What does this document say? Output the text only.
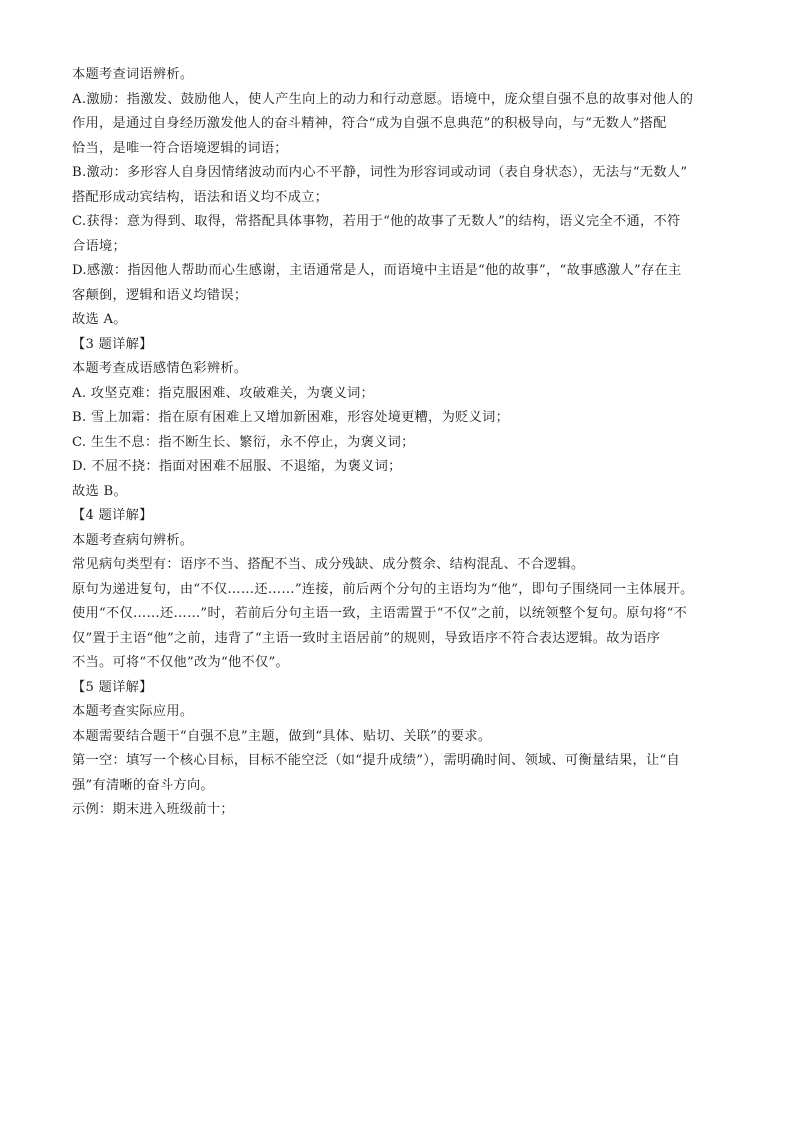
本题考查词语辨析。
A.激励：指激发、鼓励他人，使人产生向上的动力和行动意愿。语境中，庞众望自强不息的故事对他人的
作用，是通过自身经历激发他人的奋斗精神，符合“成为自强不息典范”的积极导向，与“无数人”搭配
恰当，是唯一符合语境逻辑的词语；
B.激动：多形容人自身因情绪波动而内心不平静，词性为形容词或动词（表自身状态），无法与“无数人”
搭配形成动宾结构，语法和语义均不成立；
C.获得：意为得到、取得，常搭配具体事物，若用于“他的故事了无数人”的结构，语义完全不通，不符
合语境；
D.感激：指因他人帮助而心生感谢，主语通常是人，而语境中主语是“他的故事”，“故事感激人”存在主
客颠倒，逻辑和语义均错误；
故选 A。
【3 题详解】
本题考查成语感情色彩辨析。
A. 攻坚克难：指克服困难、攻破难关，为褒义词；
B. 雪上加霜：指在原有困难上又增加新困难，形容处境更糟，为贬义词；
C. 生生不息：指不断生长、繁衍，永不停止，为褒义词；
D. 不屈不挠：指面对困难不屈服、不退缩，为褒义词；
故选 B。
【4 题详解】
本题考查病句辨析。
常见病句类型有：语序不当、搭配不当、成分残缺、成分赘余、结构混乱、不合逻辑。
原句为递进复句，由“不仅……还……”连接，前后两个分句的主语均为“他”，即句子围绕同一主体展开。
使用“不仅……还……”时，若前后分句主语一致，主语需置于“不仅”之前，以统领整个复句。原句将“不
仅”置于主语“他”之前，违背了“主语一致时主语居前”的规则，导致语序不符合表达逻辑。故为语序
不当。可将“不仅他”改为“他不仅”。
【5 题详解】
本题考查实际应用。
本题需要结合题干“自强不息”主题，做到“具体、贴切、关联”的要求。
第一空：填写一个核心目标，目标不能空泛（如“提升成绩”），需明确时间、领域、可衡量结果，让“自
强”有清晰的奋斗方向。
示例：期末进入班级前十；
